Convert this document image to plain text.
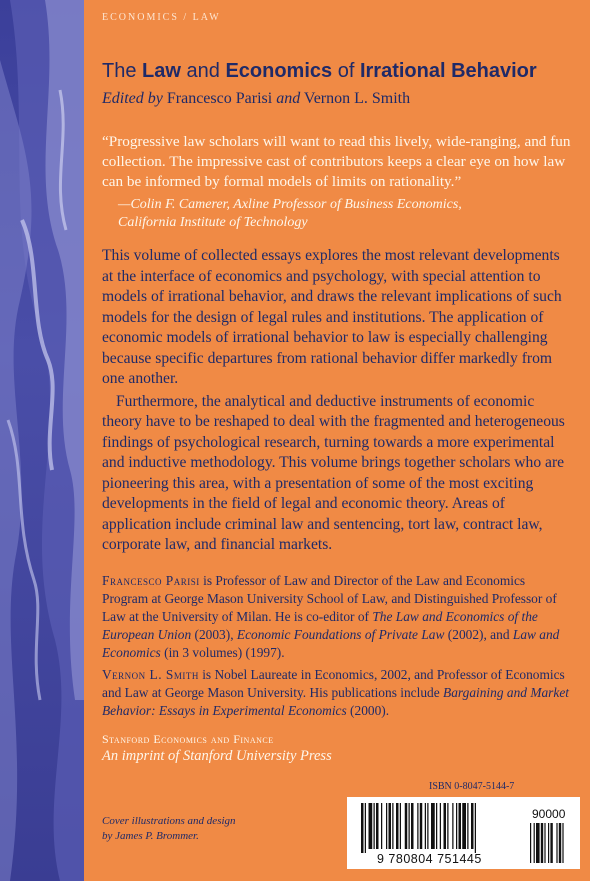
ECONOMICS / LAW
The Law and Economics of Irrational Behavior
Edited by Francesco Parisi and Vernon L. Smith
“Progressive law scholars will want to read this lively, wide-ranging, and fun collection. The impressive cast of contributors keeps a clear eye on how law can be informed by formal models of limits on rationality.”
—Colin F. Camerer, Axline Professor of Business Economics,
California Institute of Technology

This volume of collected essays explores the most relevant developments at the interface of economics and psychology, with special attention to models of irrational behavior, and draws the relevant implications of such models for the design of legal rules and institutions. The application of economic models of irrational behavior to law is especially challenging because specific departures from rational behavior differ markedly from one another.

Furthermore, the analytical and deductive instruments of economic theory have to be reshaped to deal with the fragmented and heterogeneous findings of psychological research, turning towards a more experimental and inductive methodology. This volume brings together scholars who are pioneering this area, with a presentation of some of the most exciting developments in the field of legal and economic theory. Areas of application include criminal law and sentencing, tort law, contract law, corporate law, and financial markets.

Francesco Parisi is Professor of Law and Director of the Law and Economics Program at George Mason University School of Law, and Distinguished Professor of Law at the University of Milan. He is co-editor of The Law and Economics of the European Union (2003), Economic Foundations of Private Law (2002), and Law and Economics (in 3 volumes) (1997).
Vernon L. Smith is Nobel Laureate in Economics, 2002, and Professor of Economics and Law at George Mason University. His publications include Bargaining and Market Behavior: Essays in Experimental Economics (2000).
Stanford Economics and Finance
An imprint of Stanford University Press
ISBN 0-8047-5144-7
9 780804 751445
90000
Cover illustrations and design
by James P. Brommer.
